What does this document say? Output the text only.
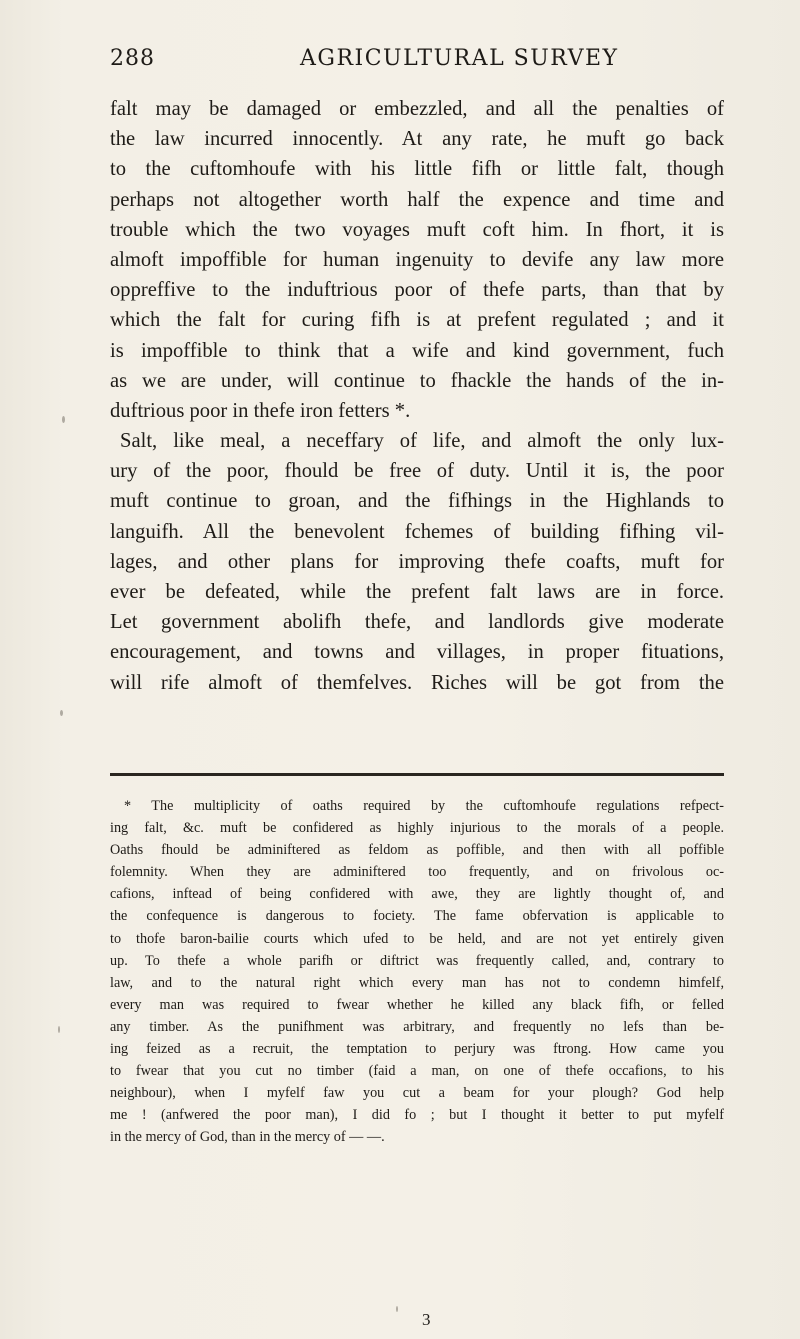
288	AGRICULTURAL SURVEY
falt may be damaged or embezzled, and all the penalties of
the law incurred innocently. At any rate, he muft go back
to the cuftomhoufe with his little fifh or little falt, though
perhaps not altogether worth half the expence and time and
trouble which the two voyages muft coft him. In fhort, it is
almoft impoffible for human ingenuity to devife any law more
oppreffive to the induftrious poor of thefe parts, than that by
which the falt for curing fifh is at prefent regulated ; and it
is impoffible to think that a wife and kind government, fuch
as we are under, will continue to fhackle the hands of the in-
duftrious poor in thefe iron fetters *.
Salt, like meal, a neceffary of life, and almoft the only lux-
ury of the poor, fhould be free of duty. Until it is, the poor
muft continue to groan, and the fifhings in the Highlands to
languifh. All the benevolent fchemes of building fifhing vil-
lages, and other plans for improving thefe coafts, muft for
ever be defeated, while the prefent falt laws are in force.
Let government abolifh thefe, and landlords give moderate
encouragement, and towns and villages, in proper fituations,
will rife almoft of themfelves. Riches will be got from the
* The multiplicity of oaths required by the cuftomhoufe regulations refpect-
ing falt, &c. muft be confidered as highly injurious to the morals of a people.
Oaths fhould be adminiftered as feldom as poffible, and then with all poffible
folemnity. When they are adminiftered too frequently, and on frivolous oc-
cafions, inftead of being confidered with awe, they are lightly thought of, and
the confequence is dangerous to fociety. The fame obfervation is applicable to
to thofe baron-bailie courts which ufed to be held, and are not yet entirely given
up. To thefe a whole parifh or diftrict was frequently called, and, contrary to
law, and to the natural right which every man has not to condemn himfelf,
every man was required to fwear whether he killed any black fifh, or felled
any timber. As the punifhment was arbitrary, and frequently no lefs than be-
ing feized as a recruit, the temptation to perjury was ftrong. How came you
to fwear that you cut no timber (faid a man, on one of thefe occafions, to his
neighbour), when I myfelf faw you cut a beam for your plough? God help
me ! (anfwered the poor man), I did fo ; but I thought it better to put myfelf
in the mercy of God, than in the mercy of — —.
3
